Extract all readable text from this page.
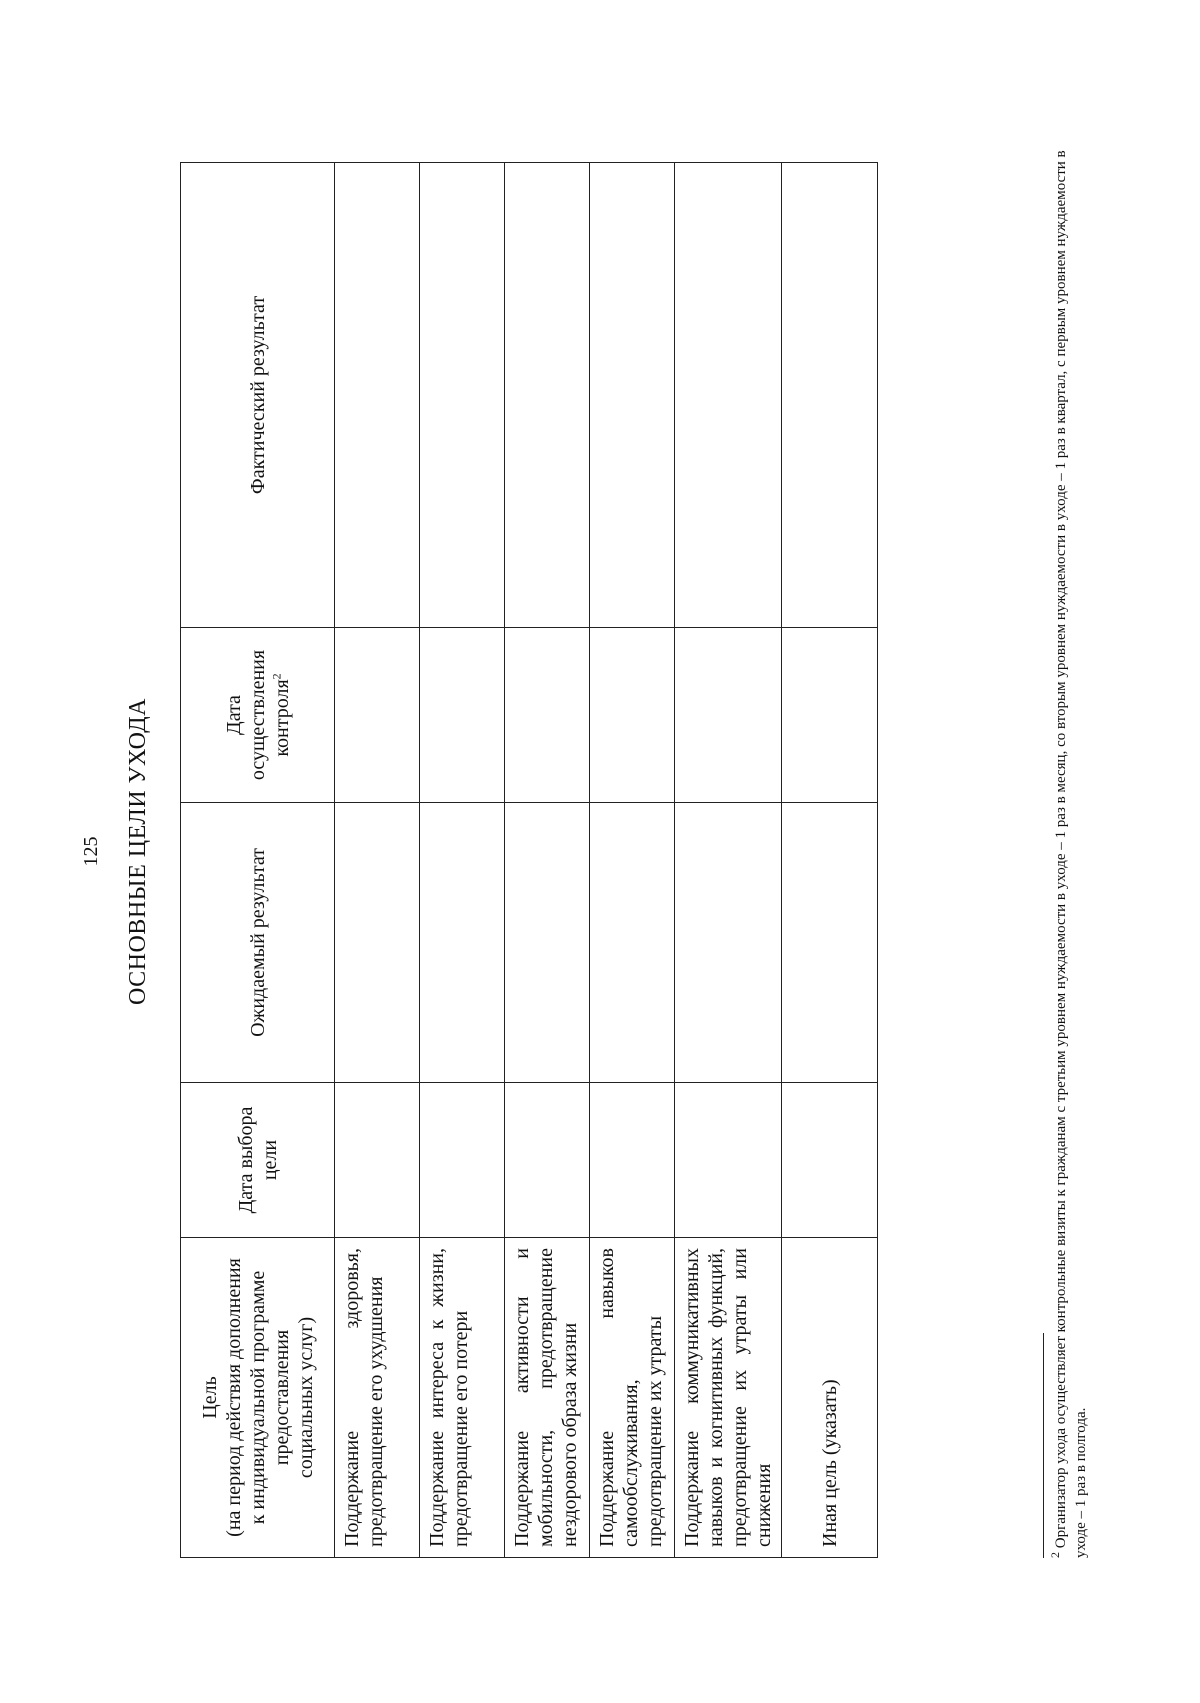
125 ОСНОВНЫЕ ЦЕЛИ УХОДА
Цель (на период действия дополнения к индивидуальной программе предоставления социальных услуг)	Дата выбора цели	Ожидаемый результат	Дата осуществления контроля$^2$	Фактический результат
Поддержание здоровья, предотвращение его ухудшения				
Поддержание интереса к жизни, предотвращение его потери				
Поддержание активности и мобильности, предотвращение нездорового образа жизни				
Поддержание навыков самообслуживания, предотвращение их утраты				
Поддержание коммуникативных навыков и когнитивных функций, предотвращение их утраты или снижения				
Иная цель (указать)				
$^2$ Организатор ухода осуществляет контрольные визиты к гражданам с третьим уровнем нуждаемости в уходе – 1 раз в месяц, со вторым уровнем нуждаемости в уходе – 1 раз в квартал, с первым уровнем нуждаемости в уходе – 1 раз в полгода.
